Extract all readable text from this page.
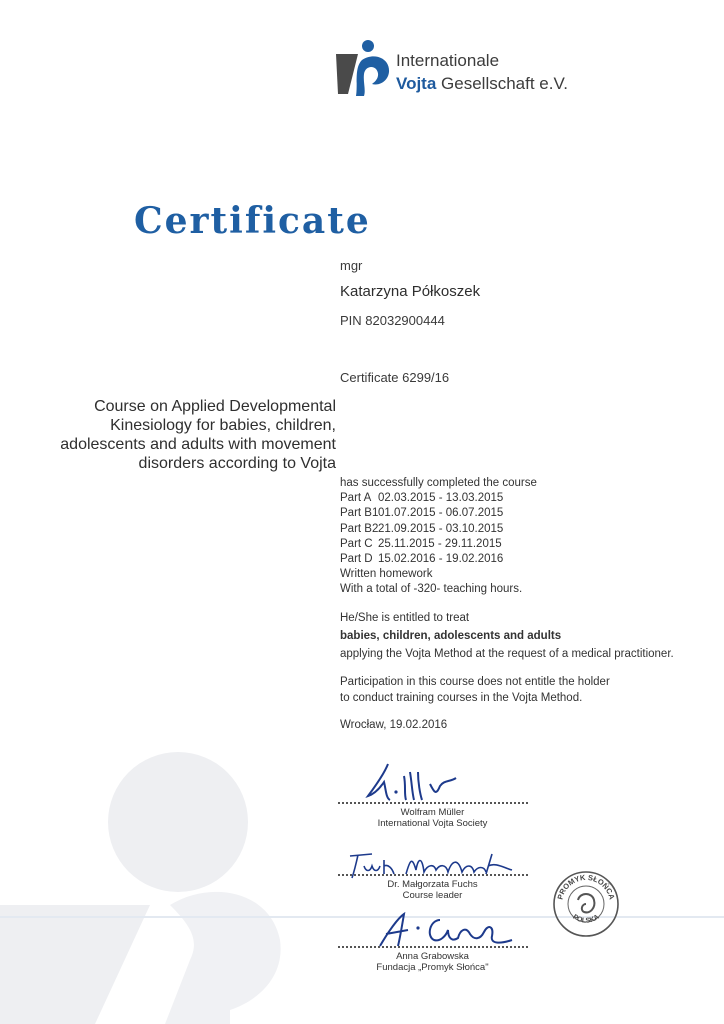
Internationale
Vojta Gesellschaft e.V.
Certificate
mgr
Katarzyna Półkoszek
PIN 82032900444
Certificate 6299/16
Course on Applied Developmental
Kinesiology for babies, children,
adolescents and adults with movement
disorders according to Vojta
has successfully completed the course
Part A 02.03.2015 - 13.03.2015
Part B101.07.2015 - 06.07.2015
Part B221.09.2015 - 03.10.2015
Part C 25.11.2015 - 29.11.2015
Part D 15.02.2016 - 19.02.2016
Written homework
With a total of -320- teaching hours.
He/She is entitled to treat
babies, children, adolescents and adults
applying the Vojta Method at the request of a medical practitioner.
Participation in this course does not entitle the holder
to conduct training courses in the Vojta Method.
Wrocław, 19.02.2016
Wolfram Müller
International Vojta Society
Dr. Małgorzata Fuchs
Course leader
Anna Grabowska
Fundacja „Promyk Słońca"
PROMYK SŁOŃCA
POLSKA
